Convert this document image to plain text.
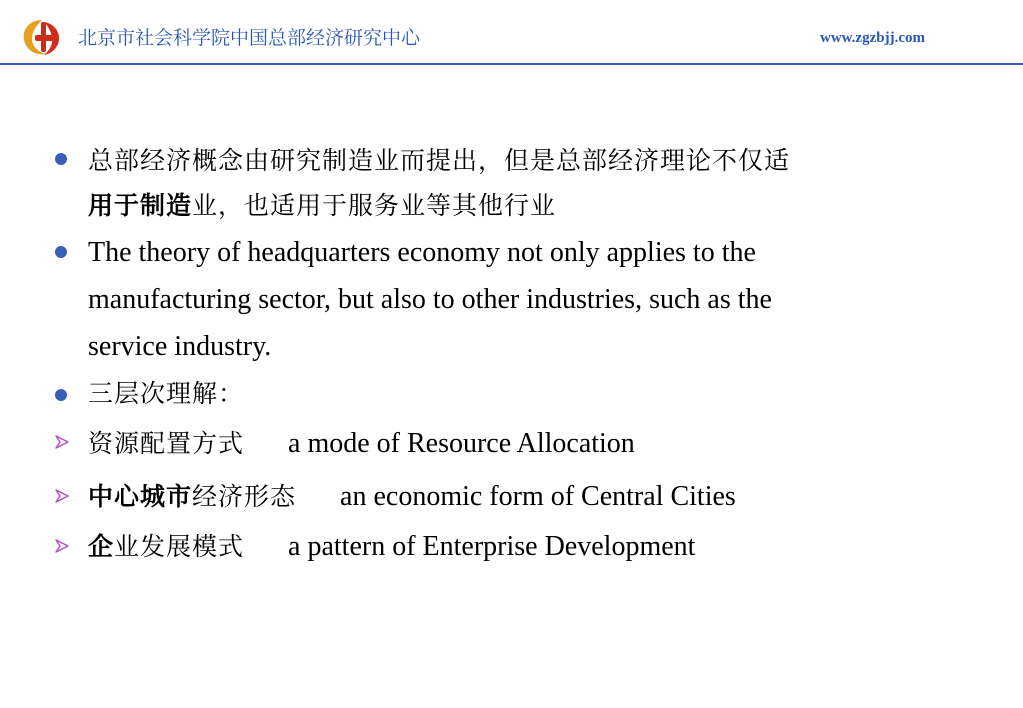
北京市社会科学院中国总部经济研究中心	www.zgzbjj.com
总部经济概念由研究制造业而提出，但是总部经济理论不仅适
用于制造业，也适用于服务业等其他行业
The theory of headquarters economy not only applies to the
manufacturing sector, but also to other industries, such as the
service industry.
三层次理解：
资源配置方式 a mode of Resource Allocation
中心城市经济形态 an economic form of Central Cities
企业发展模式 a pattern of Enterprise Development
